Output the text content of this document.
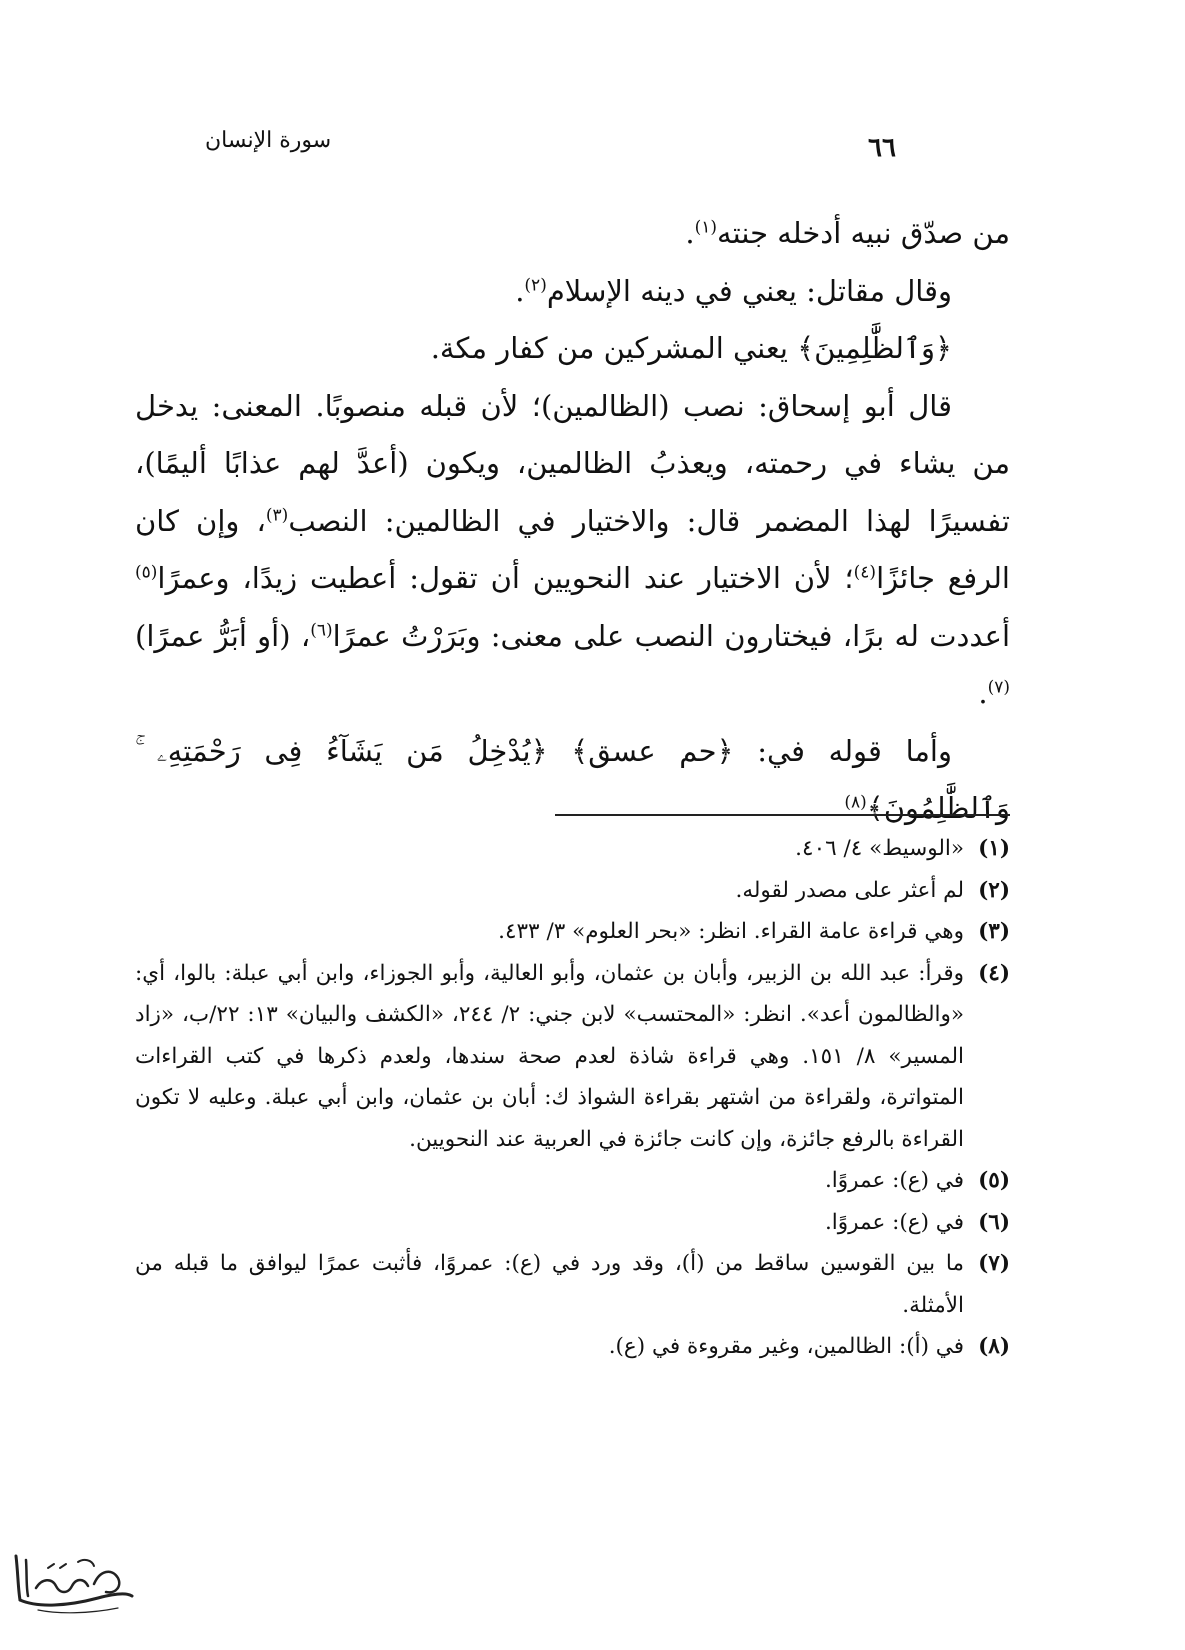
سورة الإنسان	٦٦

من صدّق نبيه أدخله جنته$^{(١)}$.

وقال مقاتل: يعني في دينه الإسلام$^{(٢)}$.

﴿وَٱلظَّٰلِمِينَ﴾ يعني المشركين من كفار مكة.

قال أبو إسحاق: نصب (الظالمين)؛ لأن قبله منصوبًا. المعنى: يدخل من يشاء في رحمته، ويعذبُ الظالمين، ويكون (أعدَّ لهم عذابًا أليمًا)، تفسيرًا لهذا المضمر قال: والاختيار في الظالمين: النصب$^{(٣)}$، وإن كان الرفع جائزًا$^{(٤)}$؛ لأن الاختيار عند النحويين أن تقول: أعطيت زيدًا، وعمرًا$^{(٥)}$ أعددت له برًا، فيختارون النصب على معنى: وبَرَرْتُ عمرًا$^{(٦)}$، (أو أبَرُّ عمرًا)$^{(٧)}$.

وأما قوله في: ﴿حم عسق﴾ ﴿يُدْخِلُ مَن يَشَآءُ فِى رَحْمَتِهِۦ ۚ وَٱلظَّٰلِمُونَ﴾$^{(٨)}$

(١)
«الوسيط» ٤/ ٤٠٦.
(٢)
لم أعثر على مصدر لقوله.
(٣)
وهي قراءة عامة القراء. انظر: «بحر العلوم» ٣/ ٤٣٣.
(٤)
وقرأ: عبد الله بن الزبير، وأبان بن عثمان، وأبو العالية، وأبو الجوزاء، وابن أبي عبلة: بالوا، أي: «والظالمون أعد». انظر: «المحتسب» لابن جني: ٢/ ٢٤٤، «الكشف والبيان» ١٣: ٢٢/ب، «زاد المسير» ٨/ ١٥١. وهي قراءة شاذة لعدم صحة سندها، ولعدم ذكرها في كتب القراءات المتواترة، ولقراءة من اشتهر بقراءة الشواذ ك: أبان بن عثمان، وابن أبي عبلة. وعليه لا تكون القراءة بالرفع جائزة، وإن كانت جائزة في العربية عند النحويين.
(٥)
في (ع): عمروًا.
(٦)
في (ع): عمروًا.
(٧)
ما بين القوسين ساقط من (أ)، وقد ورد في (ع): عمروًا، فأثبت عمرًا ليوافق ما قبله من الأمثلة.
(٨)
في (أ): الظالمين، وغير مقروءة في (ع).
